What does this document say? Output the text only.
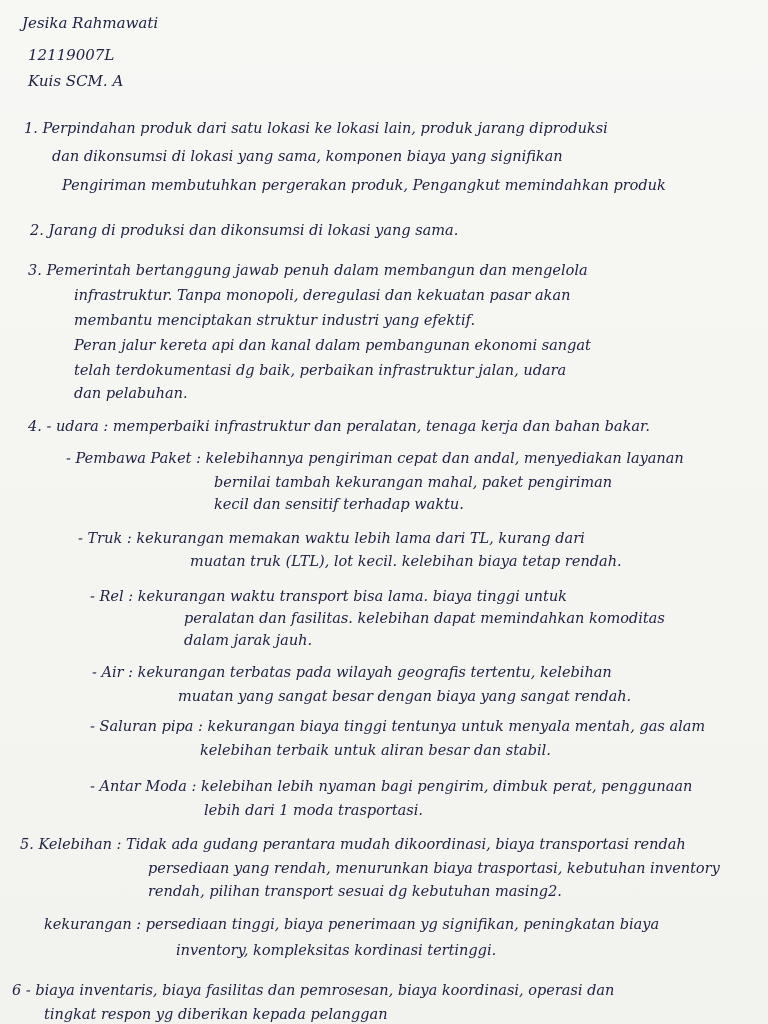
Jesika Rahmawati
12119007L
Kuis SCM. A
1. Perpindahan produk dari satu lokasi ke lokasi lain, produk jarang diproduksi
dan dikonsumsi di lokasi yang sama, komponen biaya yang signifikan
Pengiriman membutuhkan pergerakan produk, Pengangkut memindahkan produk
2. Jarang di produksi dan dikonsumsi di lokasi yang sama.
3. Pemerintah bertanggung jawab penuh dalam membangun dan mengelola
infrastruktur. Tanpa monopoli, deregulasi dan kekuatan pasar akan
membantu menciptakan struktur industri yang efektif.
Peran jalur kereta api dan kanal dalam pembangunan ekonomi sangat
telah terdokumentasi dg baik, perbaikan infrastruktur jalan, udara
dan pelabuhan.
4. - udara : memperbaiki infrastruktur dan peralatan, tenaga kerja dan bahan bakar.
- Pembawa Paket : kelebihannya pengiriman cepat dan andal, menyediakan layanan
bernilai tambah kekurangan mahal, paket pengiriman
kecil dan sensitif terhadap waktu.
- Truk : kekurangan memakan waktu lebih lama dari TL, kurang dari
muatan truk (LTL), lot kecil. kelebihan biaya tetap rendah.
- Rel : kekurangan waktu transport bisa lama. biaya tinggi untuk
peralatan dan fasilitas. kelebihan dapat memindahkan komoditas
dalam jarak jauh.
- Air : kekurangan terbatas pada wilayah geografis tertentu, kelebihan
muatan yang sangat besar dengan biaya yang sangat rendah.
- Saluran pipa : kekurangan biaya tinggi tentunya untuk menyala mentah, gas alam
kelebihan terbaik untuk aliran besar dan stabil.
- Antar Moda : kelebihan lebih nyaman bagi pengirim, dimbuk perat, penggunaan
lebih dari 1 moda trasportasi.
5. Kelebihan : Tidak ada gudang perantara mudah dikoordinasi, biaya transportasi rendah
persediaan yang rendah, menurunkan biaya trasportasi, kebutuhan inventory
rendah, pilihan transport sesuai dg kebutuhan masing2.
kekurangan : persediaan tinggi, biaya penerimaan yg signifikan, peningkatan biaya
inventory, kompleksitas kordinasi tertinggi.
6 - biaya inventaris, biaya fasilitas dan pemrosesan, biaya koordinasi, operasi dan
tingkat respon yg diberikan kepada pelanggan
